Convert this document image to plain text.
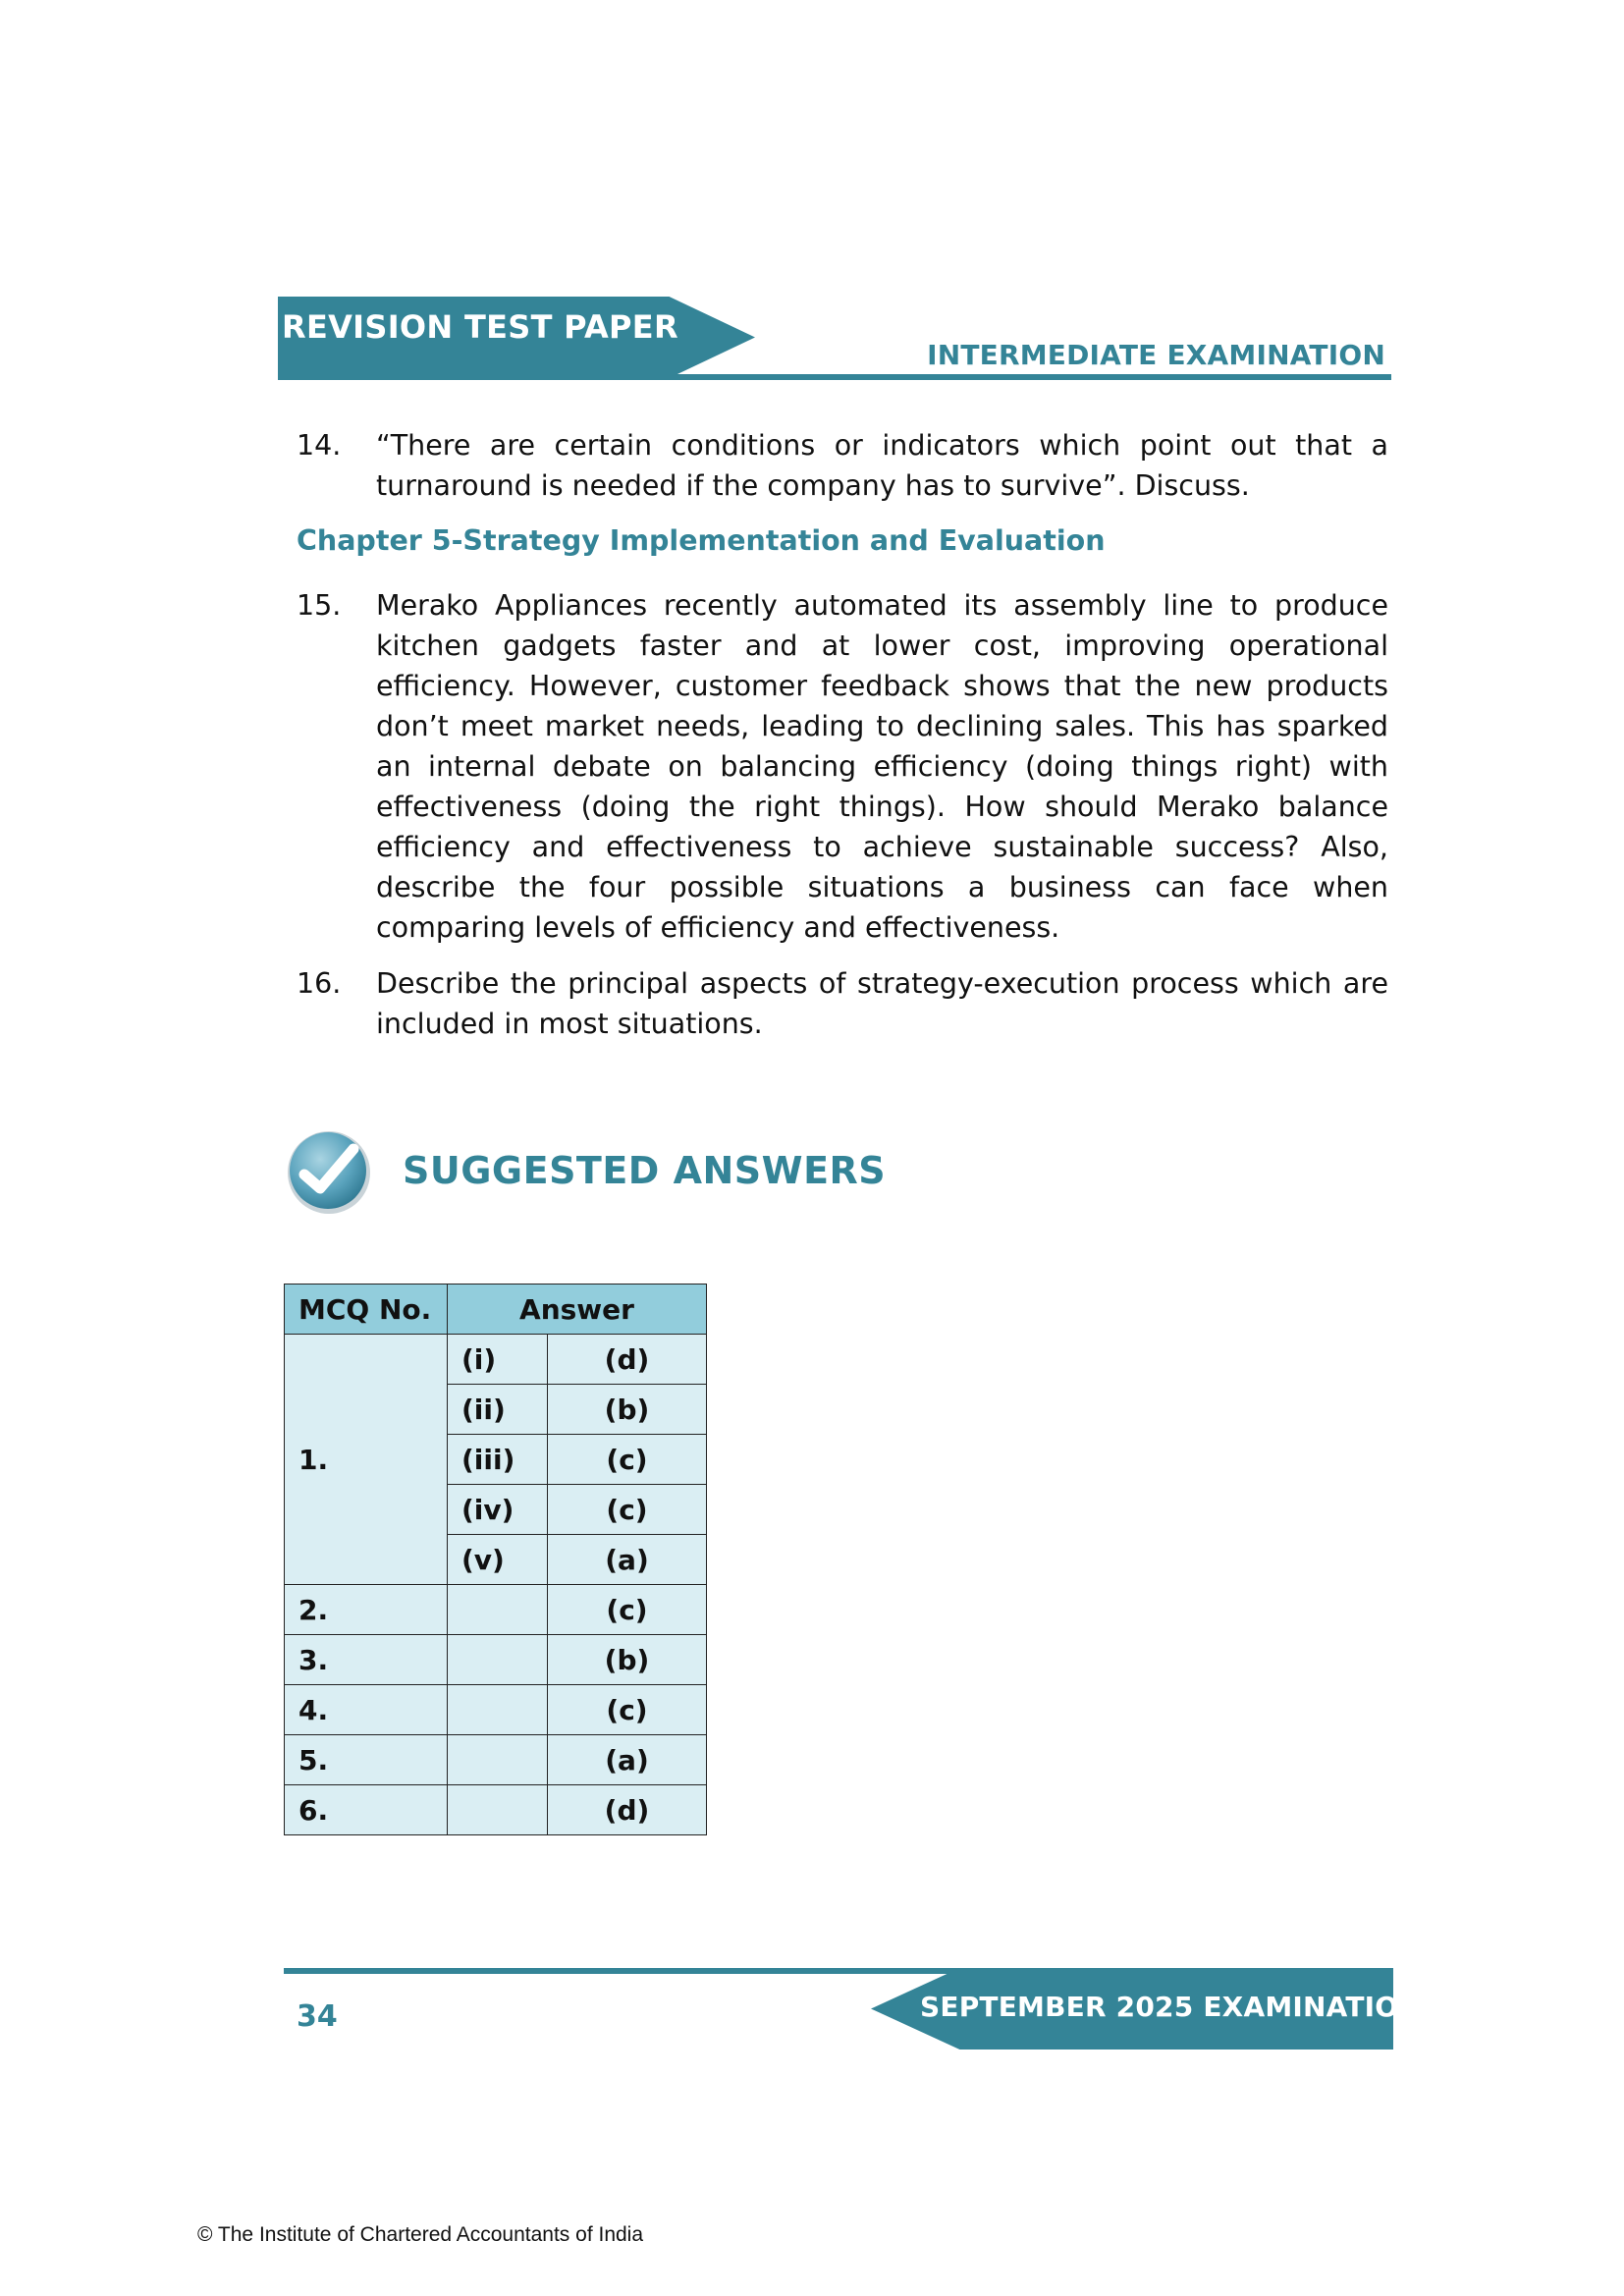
REVISION TEST PAPER
INTERMEDIATE EXAMINATION
14. “There are certain conditions or indicators which point out that a turnaround is needed if the company has to survive”. Discuss.
Chapter 5-Strategy Implementation and Evaluation
15. Merako Appliances recently automated its assembly line to produce kitchen gadgets faster and at lower cost, improving operational efficiency. However, customer feedback shows that the new products don’t meet market needs, leading to declining sales. This has sparked an internal debate on balancing efficiency (doing things right) with effectiveness (doing the right things). How should Merako balance efficiency and effectiveness to achieve sustainable success? Also, describe the four possible situations a business can face when comparing levels of efficiency and effectiveness.
16. Describe the principal aspects of strategy-execution process which are included in most situations.
SUGGESTED ANSWERS
MCQ No.	Answer	
1.	(i)	(d)
	(ii)	(b)
	(iii)	(c)
	(iv)	(c)
	(v)	(a)
2.		(c)
3.		(b)
4.		(c)
5.		(a)
6.		(d)
SEPTEMBER 2025 EXAMINATION
34
© The Institute of Chartered Accountants of India
